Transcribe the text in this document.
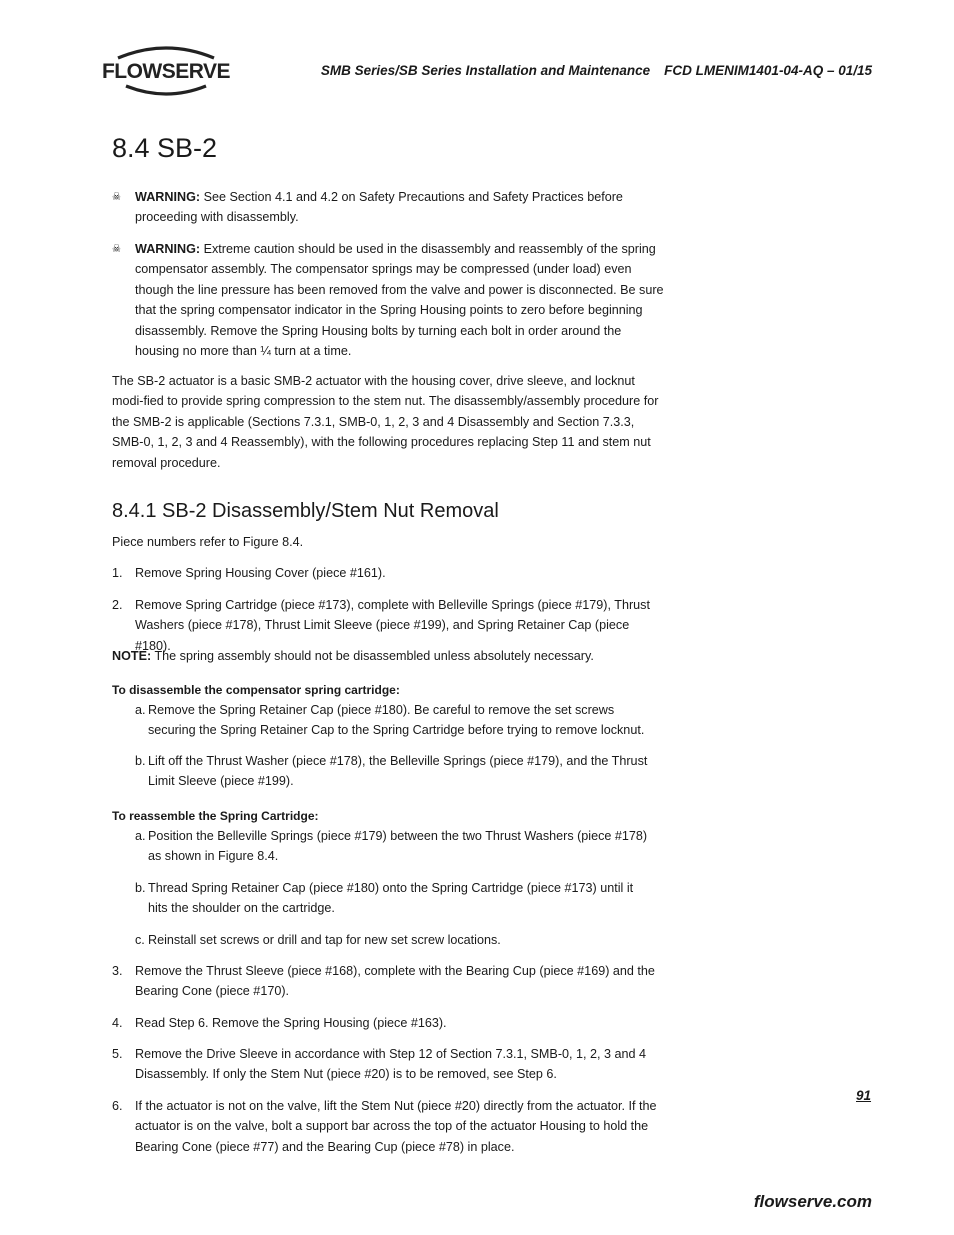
FLOWSERVE	SMB Series/SB Series Installation and Maintenance FCD LMENIM1401-04-AQ – 01/15
8.4 SB-2
☠	WARNING: See Section 4.1 and 4.2 on Safety Precautions and Safety Practices before proceeding with disassembly.
☠	WARNING: Extreme caution should be used in the disassembly and reassembly of the spring compensator assembly. The compensator springs may be compressed (under load) even though the line pressure has been removed from the valve and power is disconnected. Be sure that the spring compensator indicator in the Spring Housing points to zero before beginning disassembly. Remove the Spring Housing bolts by turning each bolt in order around the housing no more than ¼ turn at a time.

The SB-2 actuator is a basic SMB-2 actuator with the housing cover, drive sleeve, and locknut modi-fied to provide spring compression to the stem nut. The disassembly/assembly procedure for the SMB-2 is applicable (Sections 7.3.1, SMB-0, 1, 2, 3 and 4 Disassembly and Section 7.3.3, SMB-0, 1, 2, 3 and 4 Reassembly), with the following procedures replacing Step 11 and stem nut removal procedure.

8.4.1 SB-2 Disassembly/Stem Nut Removal

Piece numbers refer to Figure 8.4.

1. Remove Spring Housing Cover (piece #161).
2. Remove Spring Cartridge (piece #173), complete with Belleville Springs (piece #179), Thrust Washers (piece #178), Thrust Limit Sleeve (piece #199), and Spring Retainer Cap (piece #180).
NOTE: The spring assembly should not be disassembled unless absolutely necessary.
To disassemble the compensator spring cartridge:
a. Remove the Spring Retainer Cap (piece #180). Be careful to remove the set screws securing the Spring Retainer Cap to the Spring Cartridge before trying to remove locknut.
b. Lift off the Thrust Washer (piece #178), the Belleville Springs (piece #179), and the Thrust Limit Sleeve (piece #199).
To reassemble the Spring Cartridge:
a. Position the Belleville Springs (piece #179) between the two Thrust Washers (piece #178) as shown in Figure 8.4.
b. Thread Spring Retainer Cap (piece #180) onto the Spring Cartridge (piece #173) until it hits the shoulder on the cartridge.
c. Reinstall set screws or drill and tap for new set screw locations.
3. Remove the Thrust Sleeve (piece #168), complete with the Bearing Cup (piece #169) and the Bearing Cone (piece #170).
4. Read Step 6. Remove the Spring Housing (piece #163).
5. Remove the Drive Sleeve in accordance with Step 12 of Section 7.3.1, SMB-0, 1, 2, 3 and 4 Disassembly. If only the Stem Nut (piece #20) is to be removed, see Step 6.
6. If the actuator is not on the valve, lift the Stem Nut (piece #20) directly from the actuator. If the actuator is on the valve, bolt a support bar across the top of the actuator Housing to hold the Bearing Cone (piece #77) and the Bearing Cup (piece #78) in place.
91
flowserve.com
